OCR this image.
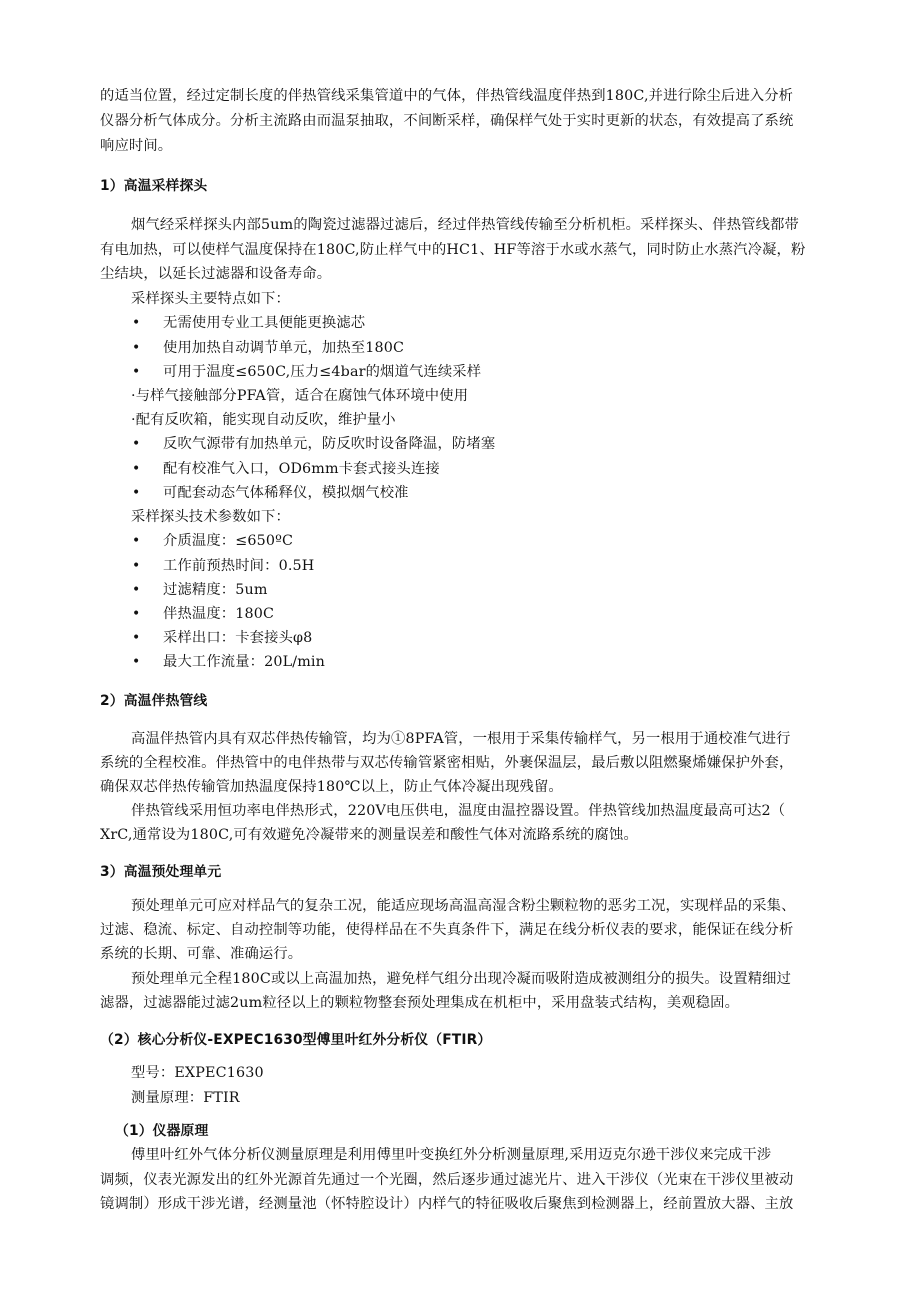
的适当位置，经过定制长度的伴热管线采集管道中的气体，伴热管线温度伴热到180C,并进行除尘后进入分析
仪器分析气体成分。分析主流路由而温泵抽取，不间断采样，确保样气处于实时更新的状态，有效提高了系统
响应时间。
1）高温采样探头
烟气经采样探头内部5um的陶瓷过滤器过滤后，经过伴热管线传输至分析机柜。采样探头、伴热管线都带
有电加热，可以使样气温度保持在180C,防止样气中的HC1、HF等溶于水或水蒸气，同时防止水蒸汽冷凝，粉
尘结块，以延长过滤器和设备寿命。
采样探头主要特点如下：
• 无需使用专业工具便能更换滤芯
• 使用加热自动调节单元，加热至180C
• 可用于温度≤650C,压力≤4bar的烟道气连续采样
·与样气接触部分PFA管，适合在腐蚀气体环境中使用
·配有反吹箱，能实现自动反吹，维护量小
• 反吹气源带有加热单元，防反吹时设备降温，防堵塞
• 配有校准气入口，OD6mm卡套式接头连接
• 可配套动态气体稀释仪，模拟烟气校准
采样探头技术参数如下：
• 介质温度：≤650ºC
• 工作前预热时间：0.5H
• 过滤精度：5um
• 伴热温度：180C
• 采样出口：卡套接头φ8
• 最大工作流量：20L∕min
2）高温伴热管线
高温伴热管内具有双芯伴热传输管，均为①8PFA管，一根用于采集传输样气，另一根用于通校准气进行
系统的全程校准。伴热管中的电伴热带与双芯传输管紧密相贴，外裹保温层，最后敷以阻燃聚烯嫌保护外套，
确保双芯伴热传输管加热温度保持180℃以上，防止气体冷凝出现残留。
伴热管线采用恒功率电伴热形式，220V电压供电，温度由温控器设置。伴热管线加热温度最高可达2（
XrC,通常设为180C,可有效避免冷凝带来的测量误差和酸性气体对流路系统的腐蚀。
3）高温预处理单元
预处理单元可应对样品气的复杂工况，能适应现场高温高湿含粉尘颗粒物的恶劣工况，实现样品的采集、
过滤、稳流、标定、自动控制等功能，使得样品在不失真条件下，满足在线分析仪表的要求，能保证在线分析
系统的长期、可靠、准确运行。
预处理单元全程180C或以上高温加热，避免样气组分出现冷凝而吸附造成被测组分的损失。设置精细过
滤器，过滤器能过滤2um粒径以上的颗粒物整套预处理集成在机柜中，采用盘装式结构，美观稳固。
（2）核心分析仪-EXPEC1630型傅里叶红外分析仪（FTIR）
型号：EXPEC1630
测量原理：FTIR
（1）仪器原理
傅里叶红外气体分析仪测量原理是利用傅里叶变换红外分析测量原理,采用迈克尔逊干涉仪来完成干涉
调频，仪表光源发出的红外光源首先通过一个光圈，然后逐步通过滤光片、进入干涉仪（光束在干涉仪里被动
镜调制）形成干涉光谱，经测量池（怀特腔设计）内样气的特征吸收后聚焦到检测器上，经前置放大器、主放
